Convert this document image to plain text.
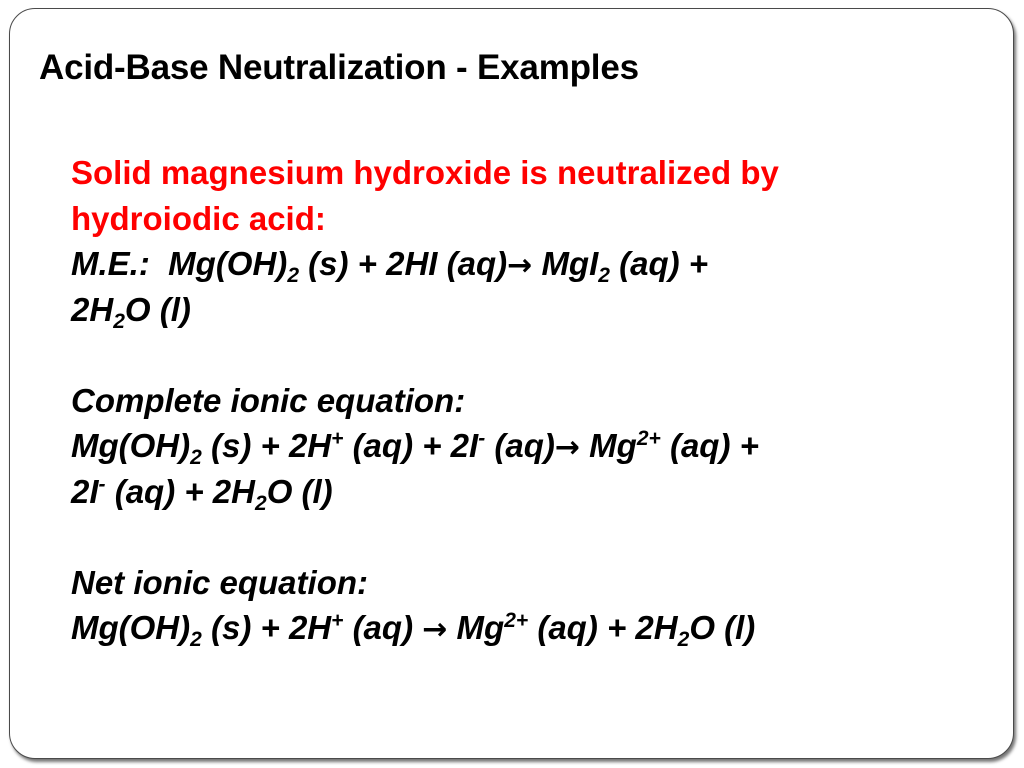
Acid-Base Neutralization - Examples
Solid magnesium hydroxide is neutralized by
hydroiodic acid:
M.E.: $Mg(OH)_2$ (s) + 2HI (aq)→ MgI$_2$ (aq) +
$2H_2O$ (l)
Complete ionic equation:
$Mg(OH)_2$ (s) + 2H+ (aq) + 2I- $(aq)\to Mg^{2+}$ (aq) +
2I- $(aq) + 2H_2O$ (l)
Net ionic equation:
$Mg(OH)_2$ (s) + 2H+ $(aq) \to Mg^{2+}$ $(aq) + 2H_2O$ (l)
